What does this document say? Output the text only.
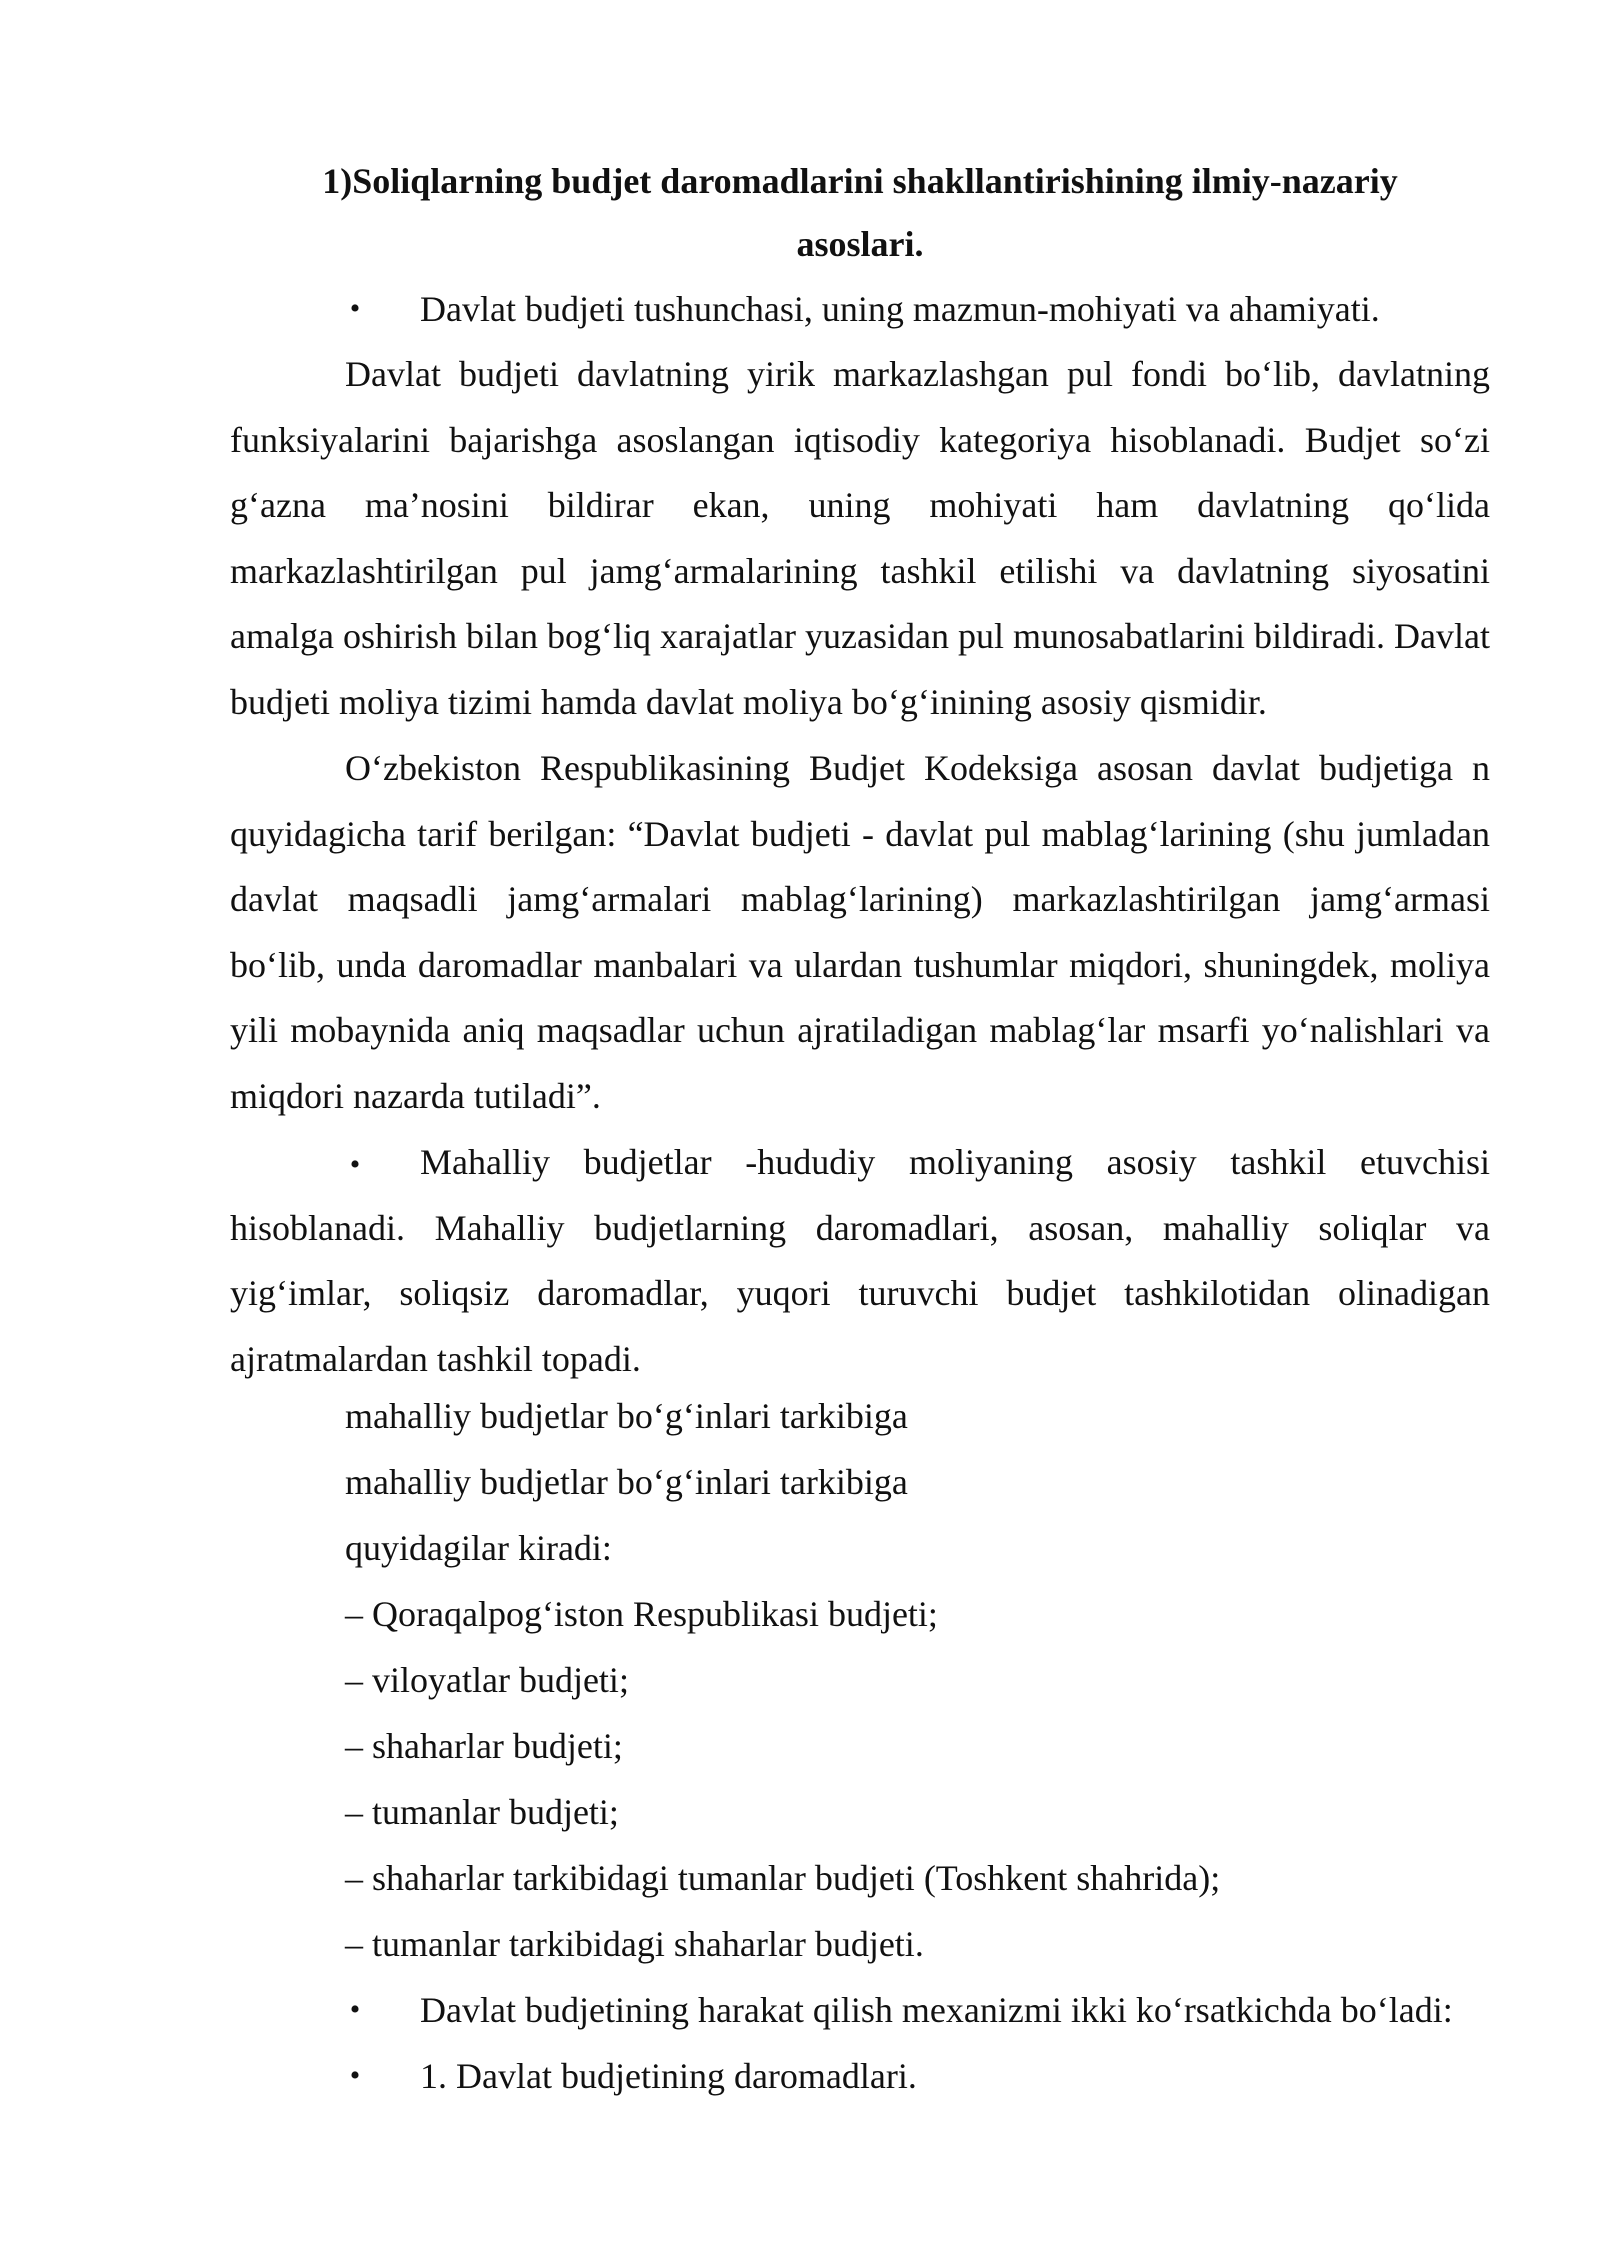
1)Soliqlarning budjet daromadlarini shakllantirishining ilmiy-nazariy
asoslari.
• Davlat budjeti tushunchasi, uning mazmun-mohiyati va ahamiyati.

Davlat budjeti davlatning yirik markazlashgan pul fondi bo‘lib, davlatning funksiyalarini bajarishga asoslangan iqtisodiy kategoriya hisoblanadi. Budjet so‘zi g‘azna ma’nosini bildirar ekan, uning mohiyati ham davlatning qo‘lida markazlashtirilgan pul jamg‘armalarining tashkil etilishi va davlatning siyosatini amalga oshirish bilan bog‘liq xarajatlar yuzasidan pul munosabatlarini bildiradi. Davlat budjeti moliya tizimi hamda davlat moliya bo‘g‘inining asosiy qismidir.

O‘zbekiston Respublikasining Budjet Kodeksiga asosan davlat budjetiga n quyidagicha tarif berilgan: “Davlat budjeti - davlat pul mablag‘larining (shu jumladan davlat maqsadli jamg‘armalari mablag‘larining) markazlashtirilgan jamg‘armasi bo‘lib, unda daromadlar manbalari va ulardan tushumlar miqdori, shuningdek, moliya yili mobaynida aniq maqsadlar uchun ajratiladigan mablag‘lar msarfi yo‘nalishlari va miqdori nazarda tutiladi”.

•	Mahalliy budjetlar -hududiy moliyaning asosiy tashkil etuvchisi hisoblanadi. Mahalliy budjetlarning daromadlari, asosan, mahalliy soliqlar va yig‘imlar, soliqsiz daromadlar, yuqori turuvchi budjet tashkilotidan olinadigan ajratmalardan tashkil topadi.

mahalliy budjetlar bo‘g‘inlari tarkibiga
mahalliy budjetlar bo‘g‘inlari tarkibiga
quyidagilar kiradi:
– Qoraqalpog‘iston Respublikasi budjeti;
– viloyatlar budjeti;
– shaharlar budjeti;
– tumanlar budjeti;
– shaharlar tarkibidagi tumanlar budjeti (Toshkent shahrida);
– tumanlar tarkibidagi shaharlar budjeti.
• Davlat budjetining harakat qilish mexanizmi ikki ko‘rsatkichda bo‘ladi:
• 1. Davlat budjetining daromadlari.
